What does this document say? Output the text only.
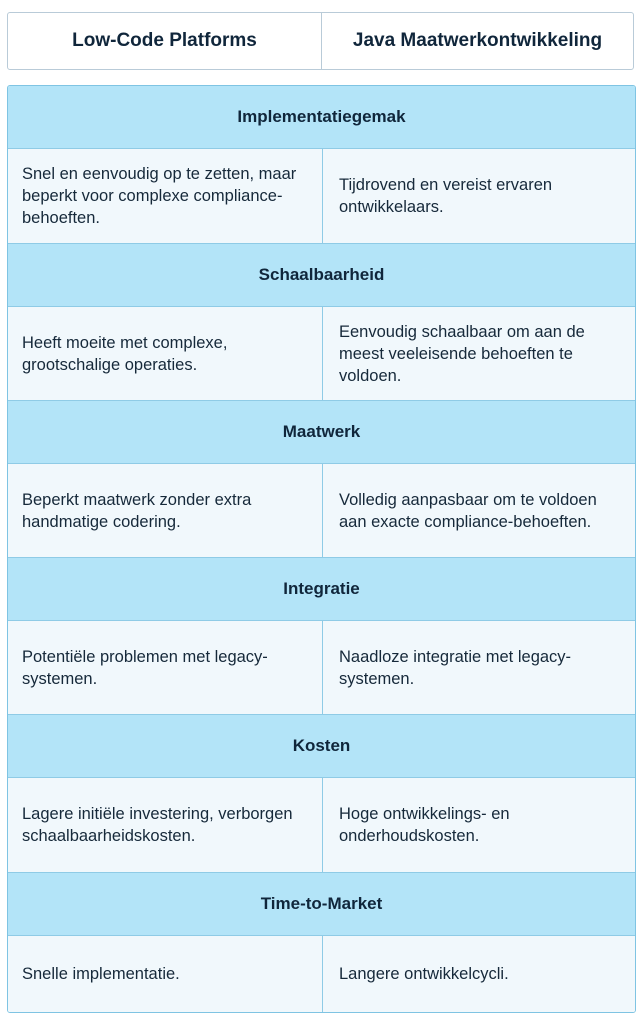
Low-Code Platforms	Java Maatwerkontwikkeling
Implementatiegemak
Snel en eenvoudig op te zetten, maar beperkt voor complexe compliance-behoeften.
Tijdrovend en vereist ervaren ontwikkelaars.
Schaalbaarheid
Heeft moeite met complexe, grootschalige operaties.
Eenvoudig schaalbaar om aan de meest veeleisende behoeften te voldoen.
Maatwerk
Beperkt maatwerk zonder extra handmatige codering.
Volledig aanpasbaar om te voldoen aan exacte compliance-behoeften.
Integratie
Potentiële problemen met legacy-systemen.
Naadloze integratie met legacy-systemen.
Kosten
Lagere initiële investering, verborgen schaalbaarheidskosten.
Hoge ontwikkelings- en onderhoudskosten.
Time-to-Market
Snelle implementatie.	Langere ontwikkelcycli.
